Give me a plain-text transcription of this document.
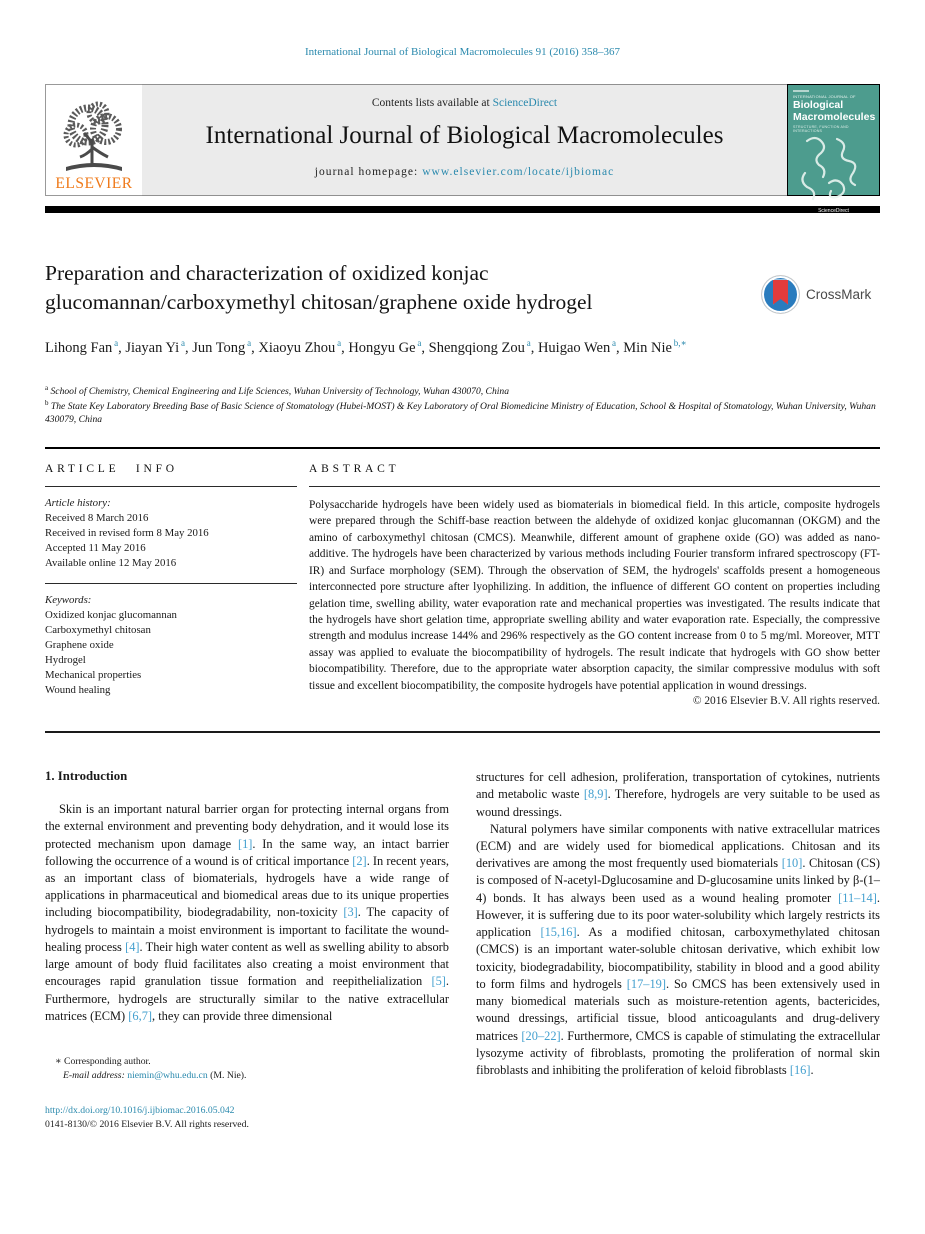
International Journal of Biological Macromolecules 91 (2016) 358–367
ELSEVIER
Contents lists available at ScienceDirect
International Journal of Biological Macromolecules
journal homepage: www.elsevier.com/locate/ijbiomac
INTERNATIONAL JOURNAL OF
Biological
Macromolecules
STRUCTURE, FUNCTION AND INTERACTIONS
ScienceDirect
Preparation and characterization of oxidized konjac glucomannan/carboxymethyl chitosan/graphene oxide hydrogel
Lihong Fan $^a$, Jiayan Yi $^a$, Jun Tong $^a$, Xiaoyu Zhou $^a$, Hongyu Ge $^a$, Shengqiong Zou $^a$, Huigao Wen $^a$, Min Nie $^{b,∗}$
CrossMark
$^a$ School of Chemistry, Chemical Engineering and Life Sciences, Wuhan University of Technology, Wuhan 430070, China
$^b$ The State Key Laboratory Breeding Base of Basic Science of Stomatology (Hubei-MOST) & Key Laboratory of Oral Biomedicine Ministry of Education, School & Hospital of Stomatology, Wuhan University, Wuhan 430079, China
ARTICLE INFO
Article history:
Received 8 March 2016
Received in revised form 8 May 2016
Accepted 11 May 2016
Available online 12 May 2016
Keywords:
Oxidized konjac glucomannan
Carboxymethyl chitosan
Graphene oxide
Hydrogel
Mechanical properties
Wound healing
ABSTRACT
Polysaccharide hydrogels have been widely used as biomaterials in biomedical field. In this article, composite hydrogels were prepared through the Schiff-base reaction between the aldehyde of oxidized konjac glucomannan (OKGM) and the amino of carboxymethyl chitosan (CMCS). Meanwhile, different amount of graphene oxide (GO) was added as nano-additive. The hydrogels have been characterized by various methods including Fourier transform infrared spectroscopy (FT-IR) and Surface morphology (SEM). Through the observation of SEM, the hydrogels' scaffolds present a homogeneous interconnected pore structure after lyophilizing. In addition, the influence of different GO content on properties including gelation time, swelling ability, water evaporation rate and mechanical properties was investigated. The results indicate that the hydrogels have short gelation time, appropriate swelling ability and water evaporation rate. Especially, the compressive strength and modulus increase 144% and 296% respectively as the GO content increase from 0 to 5 mg/ml. Moreover, MTT assay was applied to evaluate the biocompatibility of hydrogels. The result indicate that hydrogels with GO show better biocompatibility. Therefore, due to the appropriate water absorption capacity, the similar compressive modulus with soft tissue and excellent biocompatibility, the composite hydrogels have potential application in wound dressings.
© 2016 Elsevier B.V. All rights reserved.
1. Introduction

Skin is an important natural barrier organ for protecting internal organs from the external environment and preventing body dehydration, and it would lose its protected mechanism upon damage [1]. In the same way, an intact barrier following the occurrence of a wound is of critical importance [2]. In recent years, as an important class of biomaterials, hydrogels have a wide range of applications in pharmaceutical and biomedical areas due to its unique properties including biocompatibility, biodegradability, non-toxicity [3]. The capacity of hydrogels to maintain a moist environment is important to facilitate the wound-healing process [4]. Their high water content as well as swelling ability to absorb large amount of body fluid facilitates also creating a moist environment that encourages rapid granulation tissue formation and reepithelialization [5]. Furthermore, hydrogels are structurally similar to the native extracellular matrices (ECM) [6,7], they can provide three dimensional

∗ Corresponding author.
E-mail address: niemin@whu.edu.cn (M. Nie).
http://dx.doi.org/10.1016/j.ijbiomac.2016.05.042
0141-8130/© 2016 Elsevier B.V. All rights reserved.

structures for cell adhesion, proliferation, transportation of cytokines, nutrients and metabolic waste [8,9]. Therefore, hydrogels are very suitable to be used as wound dressings.

Natural polymers have similar components with native extracellular matrices (ECM) and are widely used for biomedical applications. Chitosan and its derivatives are among the most frequently used biomaterials [10]. Chitosan (CS) is composed of N-acetyl-Dglucosamine and D-glucosamine units linked by β-(1–4) bonds. It has always been used as a wound healing promoter [11–14]. However, it is suffering due to its poor water-solubility which largely restricts its application [15,16]. As a modified chitosan, carboxymethylated chitosan (CMCS) is an important water-soluble chitosan derivative, which exhibit low toxicity, biodegradability, biocompatibility, stability in blood and a good ability to form films and hydrogels [17–19]. So CMCS has been extensively used in many biomedical materials such as moisture-retention agents, bactericides, wound dressings, artificial tissue, blood anticoagulants and drug-delivery matrices [20–22]. Furthermore, CMCS is capable of stimulating the extracellular lysozyme activity of fibroblasts, promoting the proliferation of normal skin fibroblasts and inhibiting the proliferation of keloid fibroblasts [16].
